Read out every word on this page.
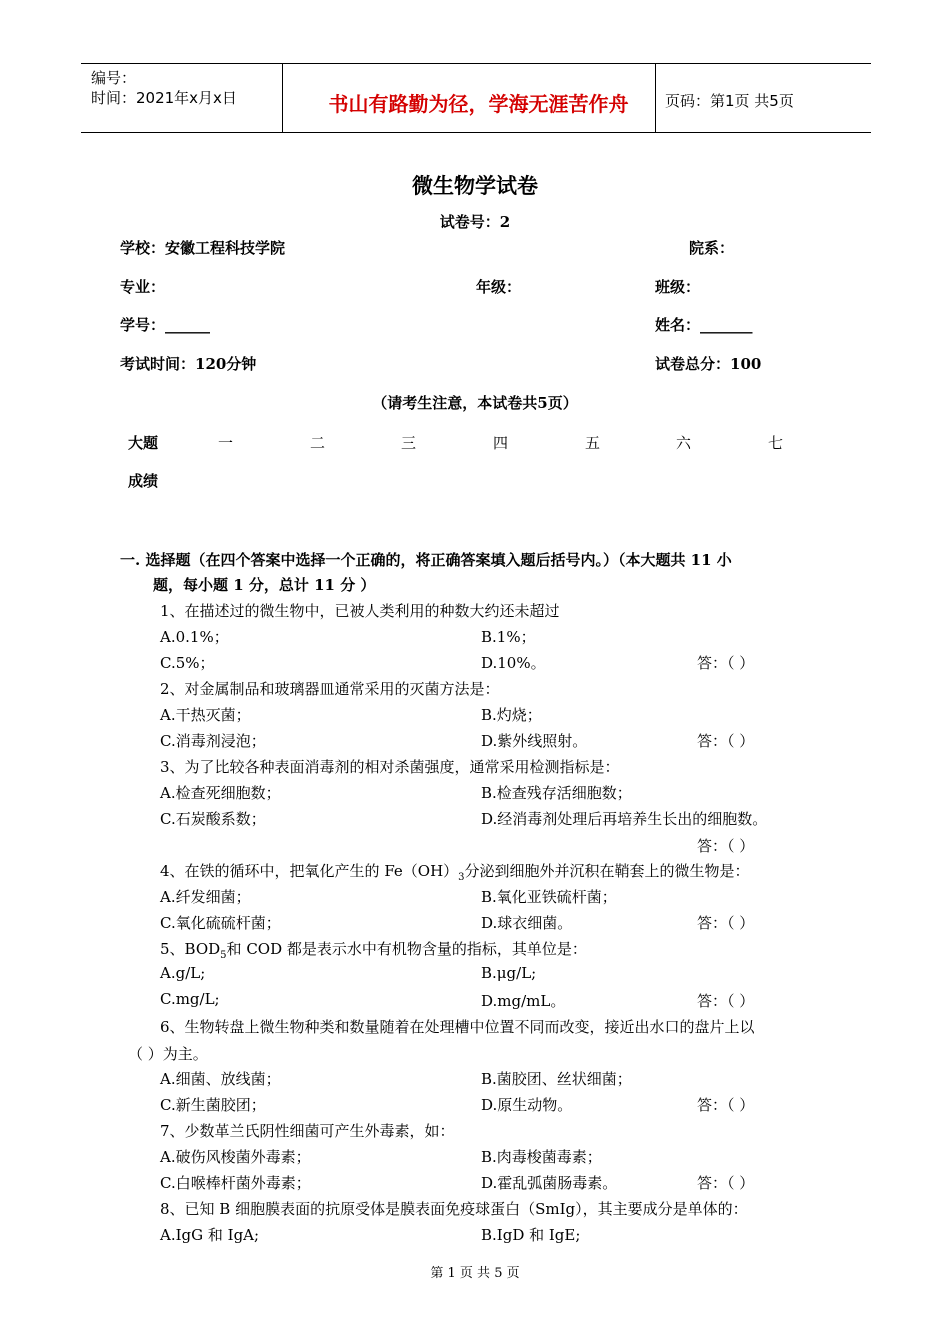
编号：
时间：2021年x月x日	书山有路勤为径，学海无涯苦作舟	页码：第1页 共5页
微生物学试卷
试卷号：2
学校：安徽工程科技学院	院系：
专业：	年级：	班级：
学号：______	姓名：_______
考试时间：120分钟	试卷总分：100
（请考生注意，本试卷共5页）
大题	一	二	三	四	五	六	七
成绩
一. 选择题（在四个答案中选择一个正确的，将正确答案填入题后括号内。）（本大题共 11 小
题，每小题 1 分，总计 11 分 ）
1、在描述过的微生物中，已被人类利用的种数大约还未超过
A.0.1%；	B.1%；
C.5%；	D.10%。	答：（ ）
2、对金属制品和玻璃器皿通常采用的灭菌方法是：
A.干热灭菌；	B.灼烧；
C.消毒剂浸泡；	D.紫外线照射。	答：（ ）
3、为了比较各种表面消毒剂的相对杀菌强度，通常采用检测指标是：
A.检查死细胞数；	B.检查残存活细胞数；
C.石炭酸系数；	D.经消毒剂处理后再培养生长出的细胞数。
答：（ ）
4、在铁的循环中，把氧化产生的 $Fe(OH)_3$分泌到细胞外并沉积在鞘套上的微生物是：
A.纤发细菌；	B.氧化亚铁硫杆菌；
C.氧化硫硫杆菌；	D.球衣细菌。	答：（ ）
5、$BOD_5$和 COD 都是表示水中有机物含量的指标，其单位是：
A.g/L;	B.μg/L;
C.mg/L;	D.mg/mL。	答：（ ）
6、生物转盘上微生物种类和数量随着在处理槽中位置不同而改变，接近出水口的盘片上以
（ ）为主。
A.细菌、放线菌；	B.菌胶团、丝状细菌；
C.新生菌胶团；	D.原生动物。	答：（ ）
7、少数革兰氏阴性细菌可产生外毒素，如：
A.破伤风梭菌外毒素；	B.肉毒梭菌毒素；
C.白喉棒杆菌外毒素；	D.霍乱弧菌肠毒素。	答：（ ）
8、已知 B 细胞膜表面的抗原受体是膜表面免疫球蛋白（SmIg），其主要成分是单体的：
A.IgG 和 IgA;	B.IgD 和 IgE;
第 1 页 共 5 页
